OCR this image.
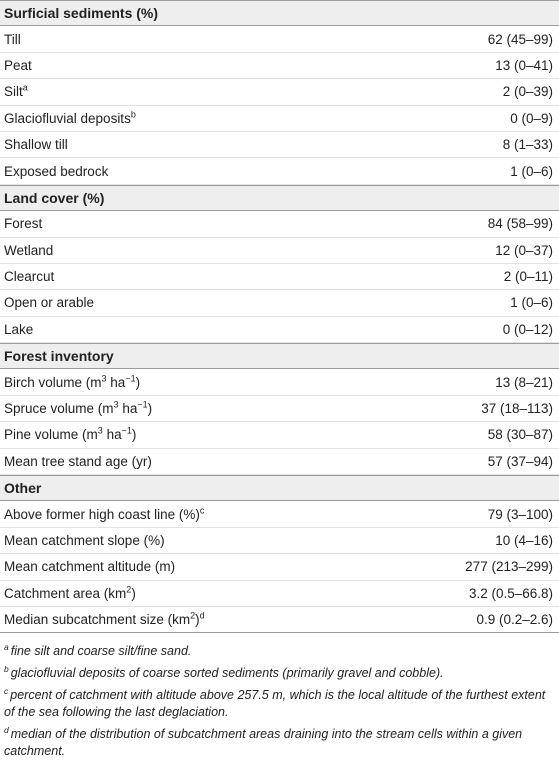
Surficial sediments (%)
Till	62 (45–99)
Peat	13 (0–41)
Silt$^a$	2 (0–39)
Glaciofluvial deposits$^b$	0 (0–9)
Shallow till	8 (1–33)
Exposed bedrock	1 (0–6)
Land cover (%)
Forest	84 (58–99)
Wetland	12 (0–37)
Clearcut	2 (0–11)
Open or arable	1 (0–6)
Lake	0 (0–12)
Forest inventory
Birch volume ($m^3$ $ha^{-1}$)	13 (8–21)
Spruce volume ($m^3$ $ha^{-1}$)	37 (18–113)
Pine volume ($m^3$ $ha^{-1}$)	58 (30–87)
Mean tree stand age (yr)	57 (37–94)
Other
Above former high coast line (%)$^c$	79 (3–100)
Mean catchment slope (%)	10 (4–16)
Mean catchment altitude (m)	277 (213–299)
Catchment area $(km^2)$	3.2 (0.5–66.8)
Median subcatchment size $(km^2)^d$	0.9 (0.2–2.6)
$^a$ fine silt and coarse silt/fine sand.
$^b$ glaciofluvial deposits of coarse sorted sediments (primarily gravel and cobble).
$^c$ percent of catchment with altitude above 257.5 m, which is the local altitude of the furthest extent of the sea following the last deglaciation.
$^d$ median of the distribution of subcatchment areas draining into the stream cells within a given catchment.
